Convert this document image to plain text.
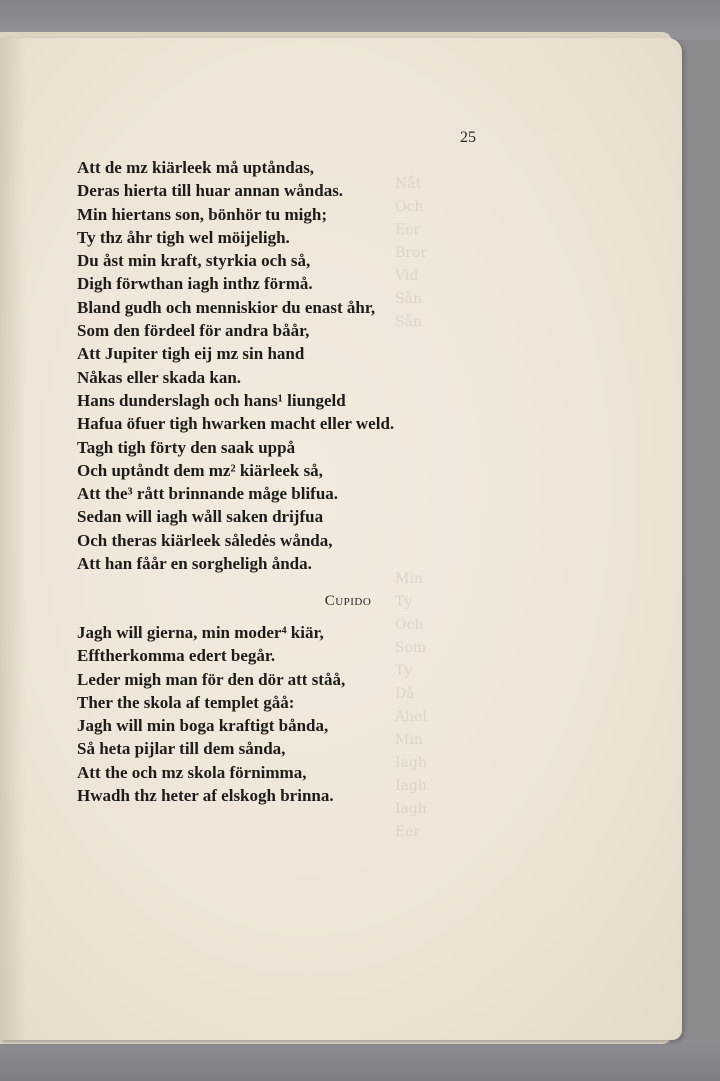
Nåt
Och
Eer
Bror
Vid
Sån
Sån
Min
Ty
Och
Som
Ty
Då
Ahel
Min
Iagh
Iagh
Iagh
Eer

25

Att de mz kiärleek må uptåndas,
Deras hierta till huar annan wåndas.
Min hiertans son, bönhör tu migh;
Ty thz åhr tigh wel möijeligh.
Du åst min kraft, styrkia och så,
Digh förwthan iagh inthz förmå.
Bland gudh och menniskior du enast åhr,
Som den fördeel för andra båår,
Att Jupiter tigh eij mz sin hand
Nåkas eller skada kan.
Hans dunderslagh och hans¹ liungeld
Hafua öfuer tigh hwarken macht eller weld.
Tagh tigh förty den saak uppå
Och uptåndt dem mz² kiärleek så,
Att the³ rått brinnande måge blifua.
Sedan will iagh wåll saken drijfua
Och theras kiärleek såledės wånda,
Att han fåår en sorgheligh ånda.

Cupido

Jagh will gierna, min moder⁴ kiär,
Efftherkomma edert begår.
Leder migh man för den dör att ståå,
Ther the skola af templet gåå:
Jagh will min boga kraftigt bånda,
Så heta pijlar till dem sånda,
Att the och mz skola förnimma,
Hwadh thz heter af elskogh brinna.
